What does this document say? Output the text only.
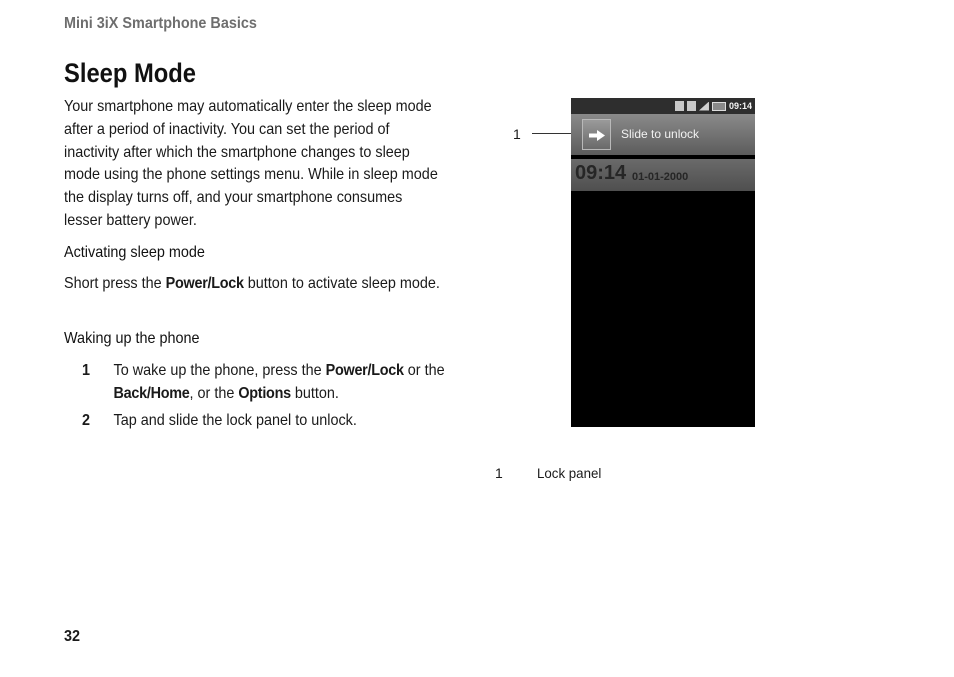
Mini 3iX Smartphone Basics
Sleep Mode
Your smartphone may automatically enter the sleep mode after a period of inactivity. You can set the period of inactivity after which the smartphone changes to sleep mode using the phone settings menu. While in sleep mode the display turns off, and your smartphone consumes lesser battery power.
Activating sleep mode
Short press the Power/Lock button to activate sleep mode.
Waking up the phone
1 To wake up the phone, press the Power/Lock or the Back/Home, or the Options button.
2 Tap and slide the lock panel to unlock.
1
09:14
Slide to unlock
09:14 01-01-2000
1 Lock panel
32
